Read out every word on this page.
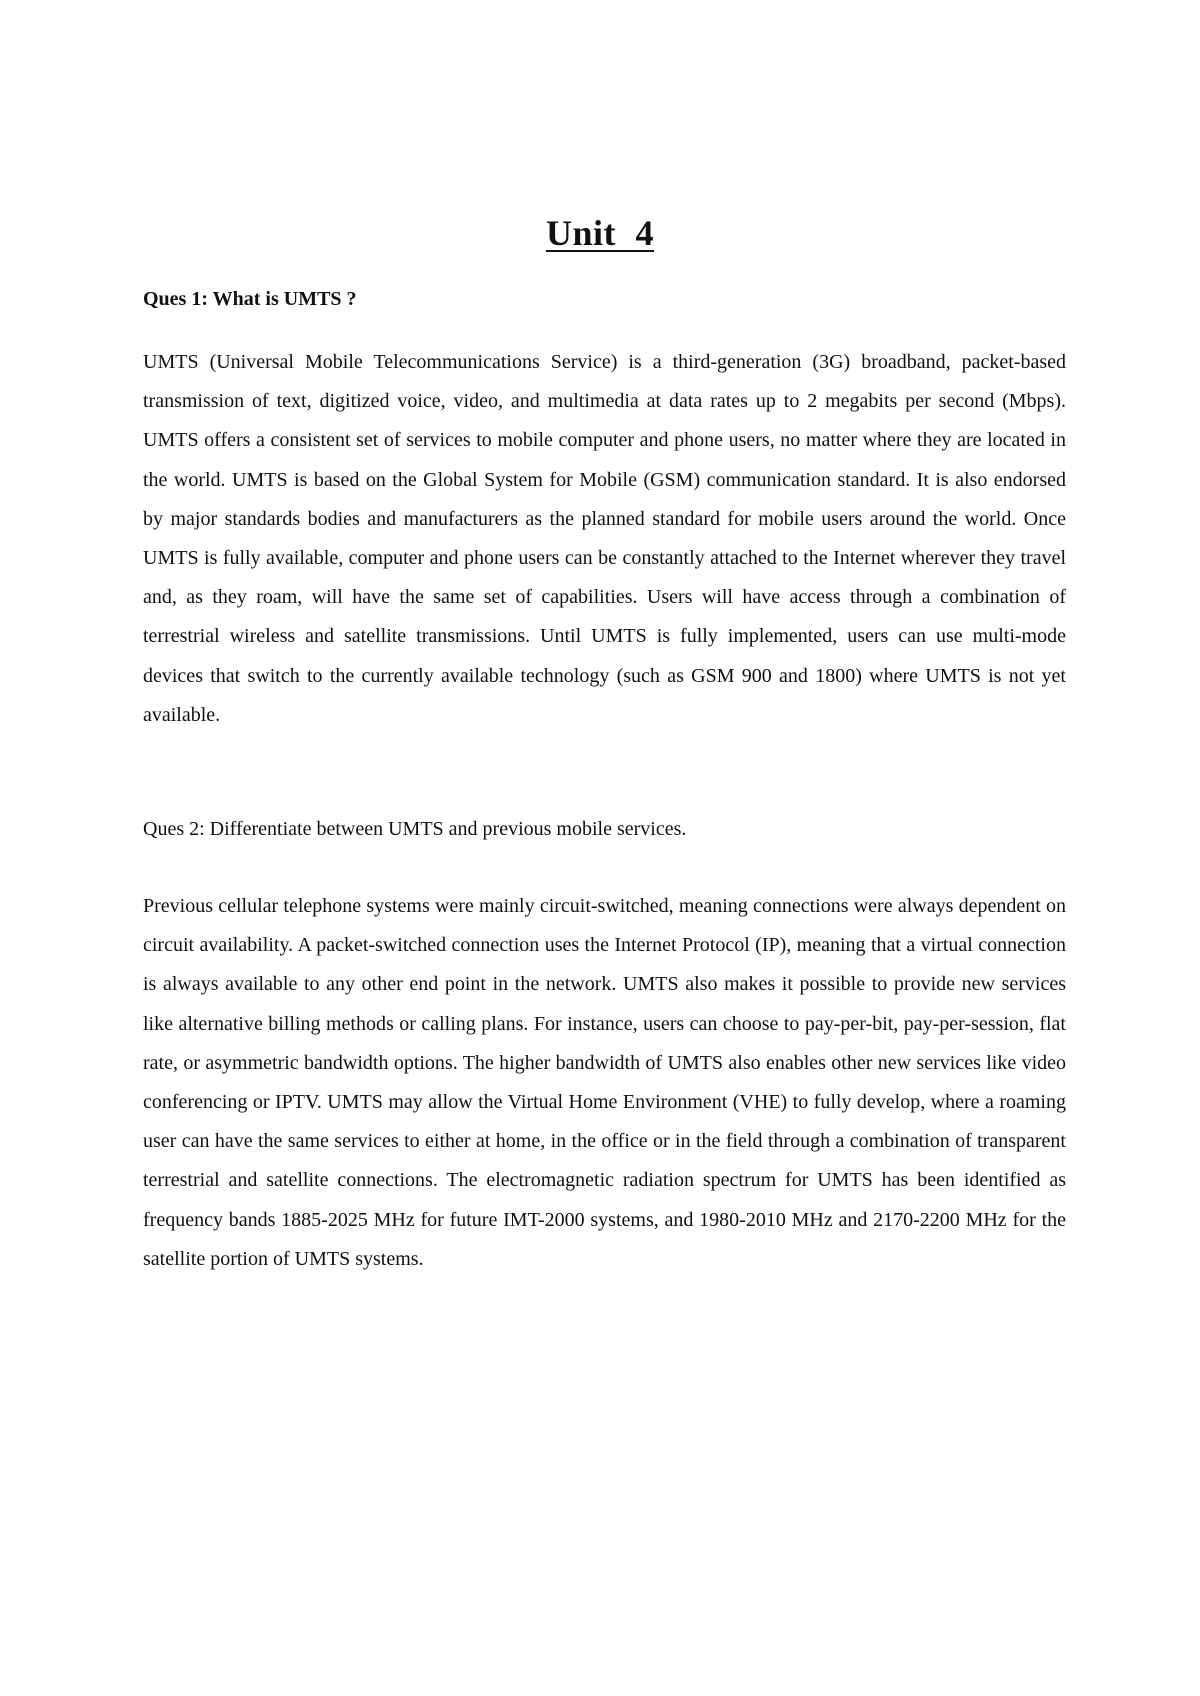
Unit 4
Ques 1: What is UMTS ?

UMTS (Universal Mobile Telecommunications Service) is a third-generation (3G) broadband, packet-based transmission of text, digitized voice, video, and multimedia at data rates up to 2 megabits per second (Mbps). UMTS offers a consistent set of services to mobile computer and phone users, no matter where they are located in the world. UMTS is based on the Global System for Mobile (GSM) communication standard. It is also endorsed by major standards bodies and manufacturers as the planned standard for mobile users around the world. Once UMTS is fully available, computer and phone users can be constantly attached to the Internet wherever they travel and, as they roam, will have the same set of capabilities. Users will have access through a combination of terrestrial wireless and satellite transmissions. Until UMTS is fully implemented, users can use multi-mode devices that switch to the currently available technology (such as GSM 900 and 1800) where UMTS is not yet available.

Ques 2: Differentiate between UMTS and previous mobile services.

Previous cellular telephone systems were mainly circuit-switched, meaning connections were always dependent on circuit availability. A packet-switched connection uses the Internet Protocol (IP), meaning that a virtual connection is always available to any other end point in the network. UMTS also makes it possible to provide new services like alternative billing methods or calling plans. For instance, users can choose to pay-per-bit, pay-per-session, flat rate, or asymmetric bandwidth options. The higher bandwidth of UMTS also enables other new services like video conferencing or IPTV. UMTS may allow the Virtual Home Environment (VHE) to fully develop, where a roaming user can have the same services to either at home, in the office or in the field through a combination of transparent terrestrial and satellite connections. The electromagnetic radiation spectrum for UMTS has been identified as frequency bands 1885-2025 MHz for future IMT-2000 systems, and 1980-2010 MHz and 2170-2200 MHz for the satellite portion of UMTS systems.
